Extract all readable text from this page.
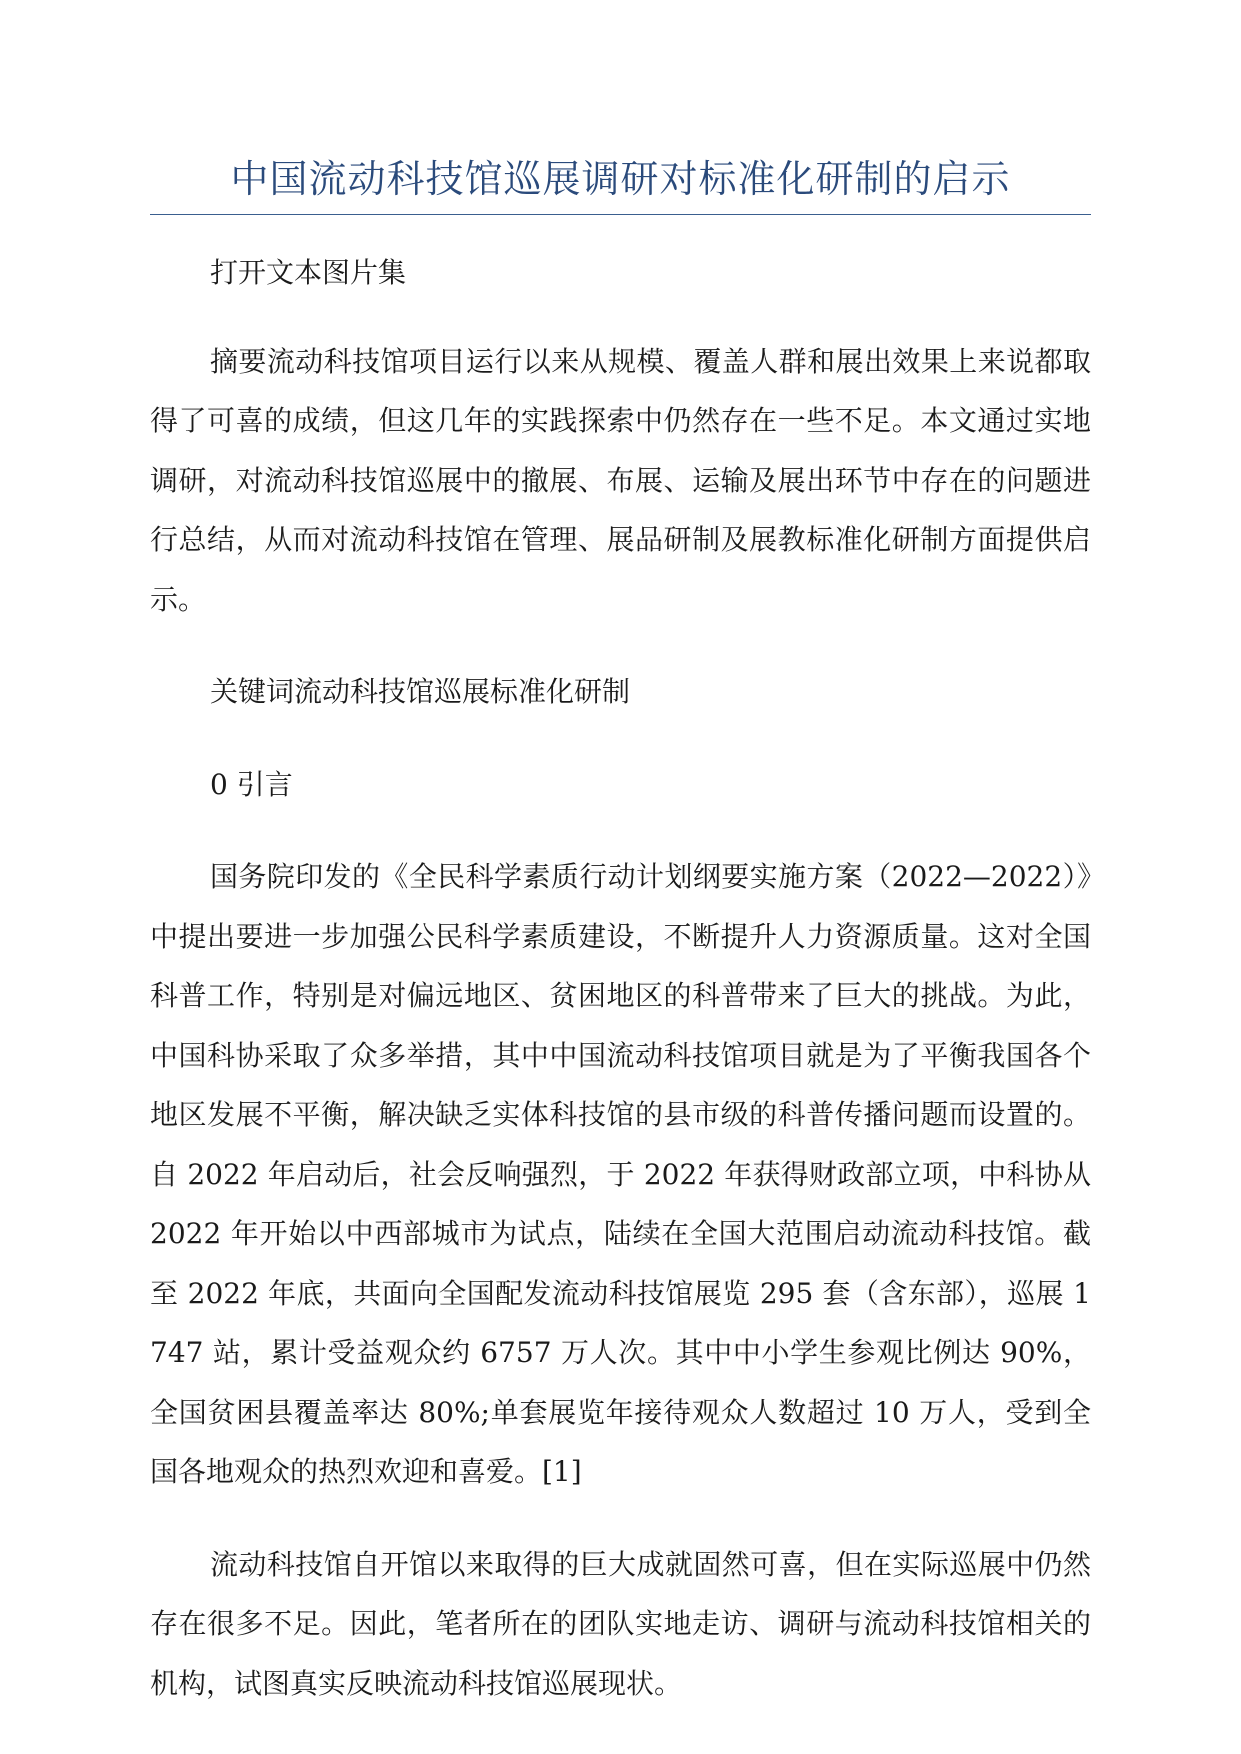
中国流动科技馆巡展调研对标准化研制的启示

打开文本图片集

摘要流动科技馆项目运行以来从规模、覆盖人群和展出效果上来说都取得了可喜的成绩，但这几年的实践探索中仍然存在一些不足。本文通过实地调研，对流动科技馆巡展中的撤展、布展、运输及展出环节中存在的问题进行总结，从而对流动科技馆在管理、展品研制及展教标准化研制方面提供启示。

关键词流动科技馆巡展标准化研制

0 引言

国务院印发的《全民科学素质行动计划纲要实施方案（2022—2022）》中提出要进一步加强公民科学素质建设，不断提升人力资源质量。这对全国科普工作，特别是对偏远地区、贫困地区的科普带来了巨大的挑战。为此，中国科协采取了众多举措，其中中国流动科技馆项目就是为了平衡我国各个地区发展不平衡，解决缺乏实体科技馆的县市级的科普传播问题而设置的。自 2022 年启动后，社会反响强烈，于 2022 年获得财政部立项，中科协从 2022 年开始以中西部城市为试点，陆续在全国大范围启动流动科技馆。截至 2022 年底，共面向全国配发流动科技馆展览 295 套（含东部），巡展 1747 站，累计受益观众约 6757 万人次。其中中小学生参观比例达 90%，全国贫困县覆盖率达 80%;单套展览年接待观众人数超过 10 万人，受到全国各地观众的热烈欢迎和喜爱。[1]

流动科技馆自开馆以来取得的巨大成就固然可喜，但在实际巡展中仍然存在很多不足。因此，笔者所在的团队实地走访、调研与流动科技馆相关的机构，试图真实反映流动科技馆巡展现状。
